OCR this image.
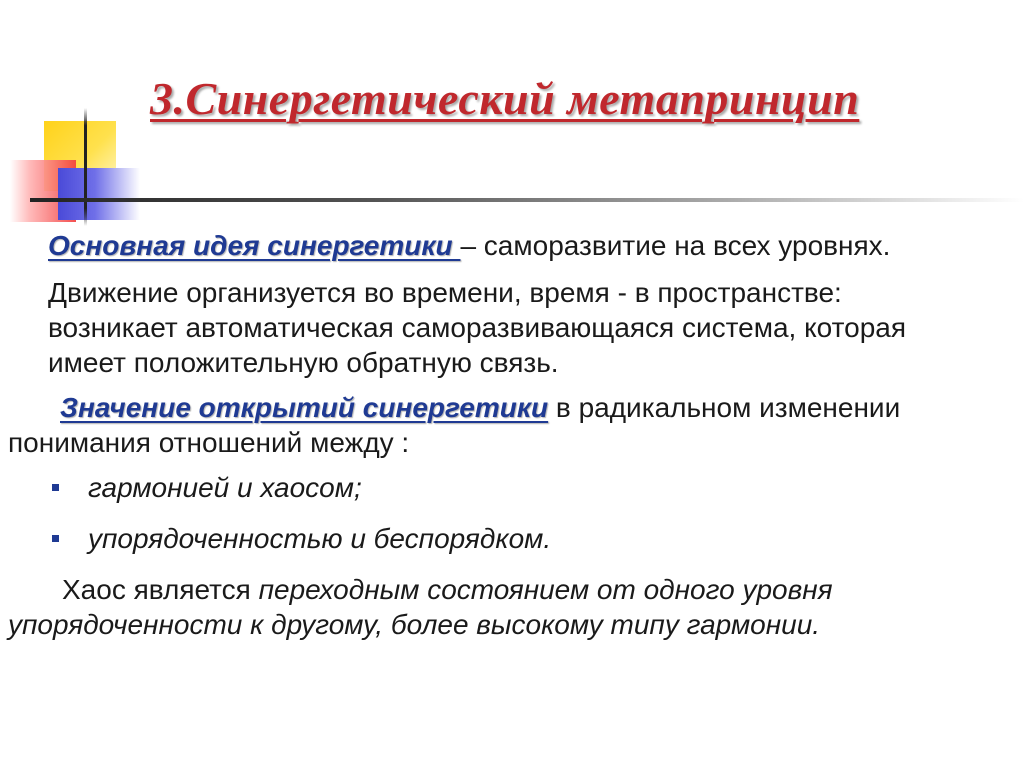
3.Синергетический метапринцип

Основная идея синергетики – саморазвитие на всех уровнях.

Движение организуется во времени, время - в пространстве:

возникает автоматическая саморазвивающаяся система, которая

имеет положительную обратную связь.

Значение открытий синергетики в радикальном изменении

понимания отношений между :

гармонией и хаосом;
упорядоченностью и беспорядком.

Хаос является переходным состоянием от одного уровня

упорядоченности к другому, более высокому типу гармонии.
